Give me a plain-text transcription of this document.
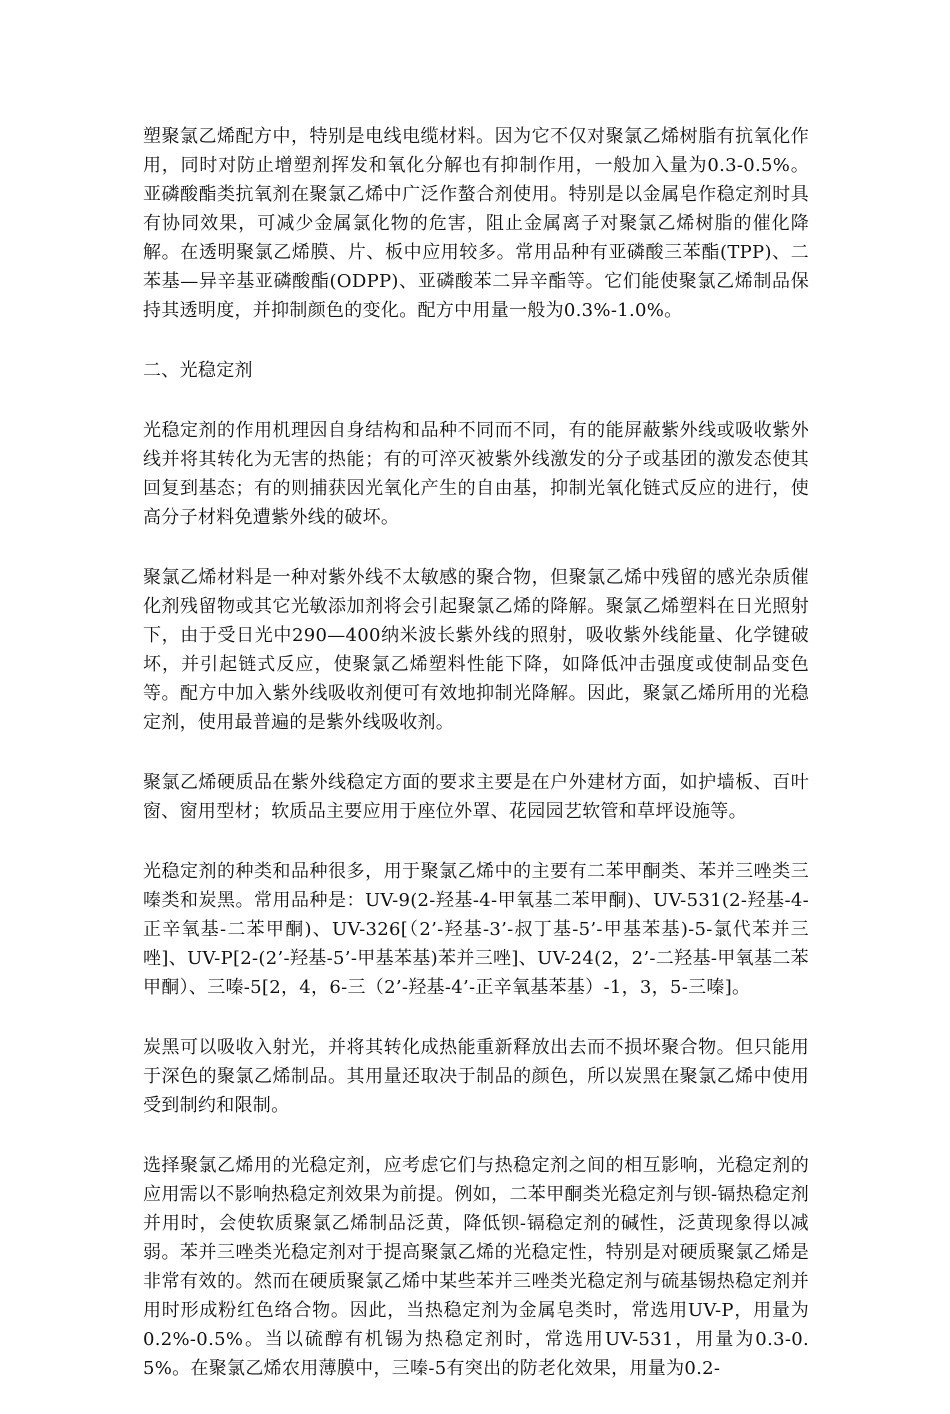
塑聚氯乙烯配方中，特别是电线电缆材料。因为它不仅对聚氯乙烯树脂有抗氧化作用，同时对防止增塑剂挥发和氧化分解也有抑制作用，一般加入量为0.3-0.5%。亚磷酸酯类抗氧剂在聚氯乙烯中广泛作螯合剂使用。特别是以金属皂作稳定剂时具有协同效果，可减少金属氯化物的危害，阻止金属离子对聚氯乙烯树脂的催化降解。在透明聚氯乙烯膜、片、板中应用较多。常用品种有亚磷酸三苯酯(TPP)、二苯基—异辛基亚磷酸酯(ODPP)、亚磷酸苯二异辛酯等。它们能使聚氯乙烯制品保持其透明度，并抑制颜色的变化。配方中用量一般为0.3%-1.0%。

二、光稳定剂

光稳定剂的作用机理因自身结构和品种不同而不同，有的能屏蔽紫外线或吸收紫外线并将其转化为无害的热能；有的可淬灭被紫外线激发的分子或基团的激发态使其回复到基态；有的则捕获因光氧化产生的自由基，抑制光氧化链式反应的进行，使高分子材料免遭紫外线的破坏。

聚氯乙烯材料是一种对紫外线不太敏感的聚合物，但聚氯乙烯中残留的感光杂质催化剂残留物或其它光敏添加剂将会引起聚氯乙烯的降解。聚氯乙烯塑料在日光照射下，由于受日光中290—400纳米波长紫外线的照射，吸收紫外线能量、化学键破坏，并引起链式反应，使聚氯乙烯塑料性能下降，如降低冲击强度或使制品变色等。配方中加入紫外线吸收剂便可有效地抑制光降解。因此，聚氯乙烯所用的光稳定剂，使用最普遍的是紫外线吸收剂。

聚氯乙烯硬质品在紫外线稳定方面的要求主要是在户外建材方面，如护墙板、百叶窗、窗用型材；软质品主要应用于座位外罩、花园园艺软管和草坪设施等。

光稳定剂的种类和品种很多，用于聚氯乙烯中的主要有二苯甲酮类、苯并三唑类三嗪类和炭黑。常用品种是：UV-9(2-羟基-4-甲氧基二苯甲酮)、UV-531(2-羟基-4-正辛氧基-二苯甲酮)、UV-326[（2’-羟基-3’-叔丁基-5’-甲基苯基)-5-氯代苯并三唑]、UV-P[2-(2’-羟基-5’-甲基苯基)苯并三唑]、UV-24(2，2’-二羟基-甲氧基二苯甲酮）、三嗪-5[2，4，6-三（2’-羟基-4’-正辛氧基苯基）-1，3，5-三嗪]。

炭黑可以吸收入射光，并将其转化成热能重新释放出去而不损坏聚合物。但只能用于深色的聚氯乙烯制品。其用量还取决于制品的颜色，所以炭黑在聚氯乙烯中使用受到制约和限制。

选择聚氯乙烯用的光稳定剂，应考虑它们与热稳定剂之间的相互影响，光稳定剂的应用需以不影响热稳定剂效果为前提。例如，二苯甲酮类光稳定剂与钡-镉热稳定剂并用时，会使软质聚氯乙烯制品泛黄，降低钡-镉稳定剂的碱性，泛黄现象得以减弱。苯并三唑类光稳定剂对于提高聚氯乙烯的光稳定性，特别是对硬质聚氯乙烯是非常有效的。然而在硬质聚氯乙烯中某些苯并三唑类光稳定剂与硫基锡热稳定剂并用时形成粉红色络合物。因此，当热稳定剂为金属皂类时，常选用UV-P，用量为0.2%-0.5%。当以硫醇有机锡为热稳定剂时，常选用UV-531，用量为0.3-0.5%。在聚氯乙烯农用薄膜中，三嗪-5有突出的防老化效果，用量为0.2-
